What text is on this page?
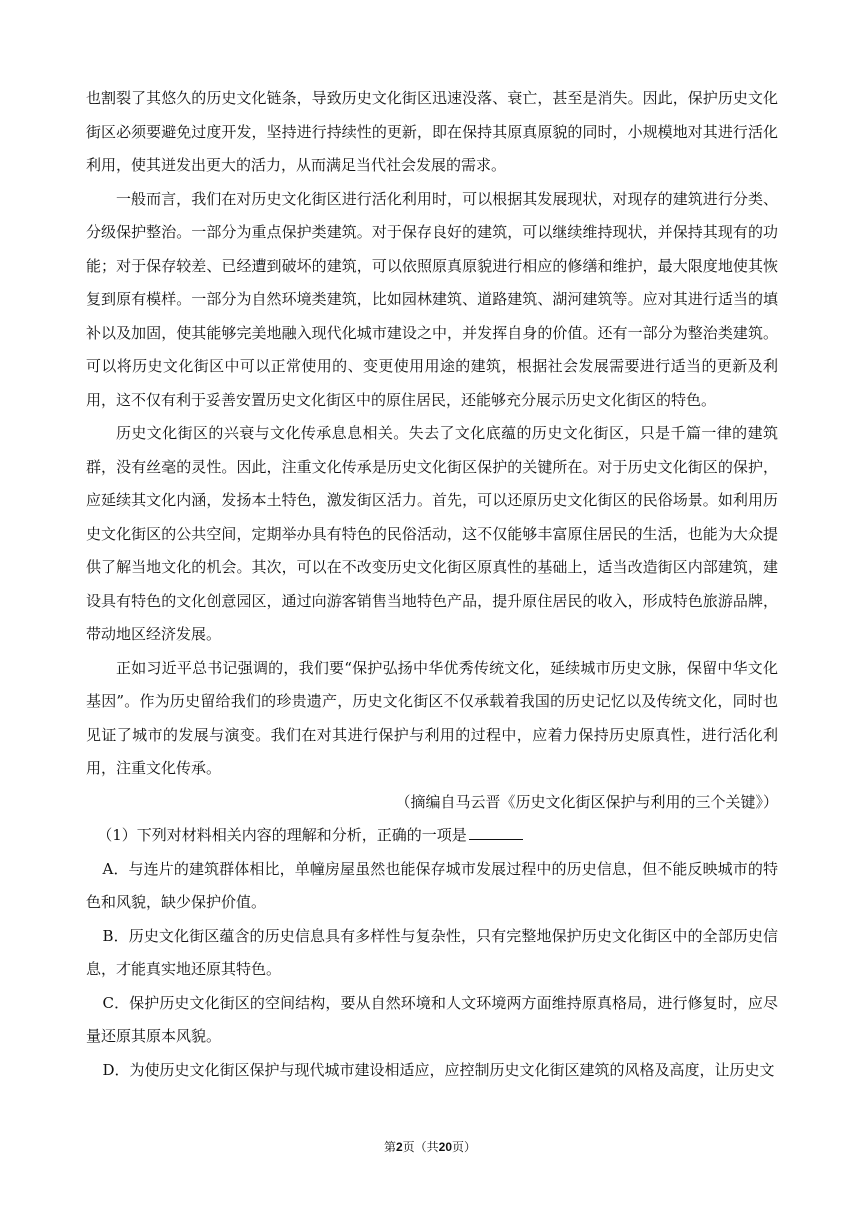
也割裂了其悠久的历史文化链条，导致历史文化街区迅速没落、衰亡，甚至是消失。因此，保护历史文化街区必须要避免过度开发，坚持进行持续性的更新，即在保持其原真原貌的同时，小规模地对其进行活化利用，使其迸发出更大的活力，从而满足当代社会发展的需求。

一般而言，我们在对历史文化街区进行活化利用时，可以根据其发展现状，对现存的建筑进行分类、分级保护整治。一部分为重点保护类建筑。对于保存良好的建筑，可以继续维持现状，并保持其现有的功能；对于保存较差、已经遭到破坏的建筑，可以依照原真原貌进行相应的修缮和维护，最大限度地使其恢复到原有模样。一部分为自然环境类建筑，比如园林建筑、道路建筑、湖河建筑等。应对其进行适当的填补以及加固，使其能够完美地融入现代化城市建设之中，并发挥自身的价值。还有一部分为整治类建筑。可以将历史文化街区中可以正常使用的、变更使用用途的建筑，根据社会发展需要进行适当的更新及利用，这不仅有利于妥善安置历史文化街区中的原住居民，还能够充分展示历史文化街区的特色。

历史文化街区的兴衰与文化传承息息相关。失去了文化底蕴的历史文化街区，只是千篇一律的建筑群，没有丝毫的灵性。因此，注重文化传承是历史文化街区保护的关键所在。对于历史文化街区的保护，应延续其文化内涵，发扬本土特色，激发街区活力。首先，可以还原历史文化街区的民俗场景。如利用历史文化街区的公共空间，定期举办具有特色的民俗活动，这不仅能够丰富原住居民的生活，也能为大众提供了解当地文化的机会。其次，可以在不改变历史文化街区原真性的基础上，适当改造街区内部建筑，建设具有特色的文化创意园区，通过向游客销售当地特色产品，提升原住居民的收入，形成特色旅游品牌，带动地区经济发展。

正如习近平总书记强调的，我们要“保护弘扬中华优秀传统文化，延续城市历史文脉，保留中华文化基因”。作为历史留给我们的珍贵遗产，历史文化街区不仅承载着我国的历史记忆以及传统文化，同时也见证了城市的发展与演变。我们在对其进行保护与利用的过程中，应着力保持历史原真性，进行活化利用，注重文化传承。

（摘编自马云晋《历史文化街区保护与利用的三个关键》）

（1）下列对材料相关内容的理解和分析，正确的一项是

A．与连片的建筑群体相比，单幢房屋虽然也能保存城市发展过程中的历史信息，但不能反映城市的特色和风貌，缺少保护价值。

B．历史文化街区蕴含的历史信息具有多样性与复杂性，只有完整地保护历史文化街区中的全部历史信息，才能真实地还原其特色。

C．保护历史文化街区的空间结构，要从自然环境和人文环境两方面维持原真格局，进行修复时，应尽量还原其原本风貌。

D．为使历史文化街区保护与现代城市建设相适应，应控制历史文化街区建筑的风格及高度，让历史文

第2页（共20页）
